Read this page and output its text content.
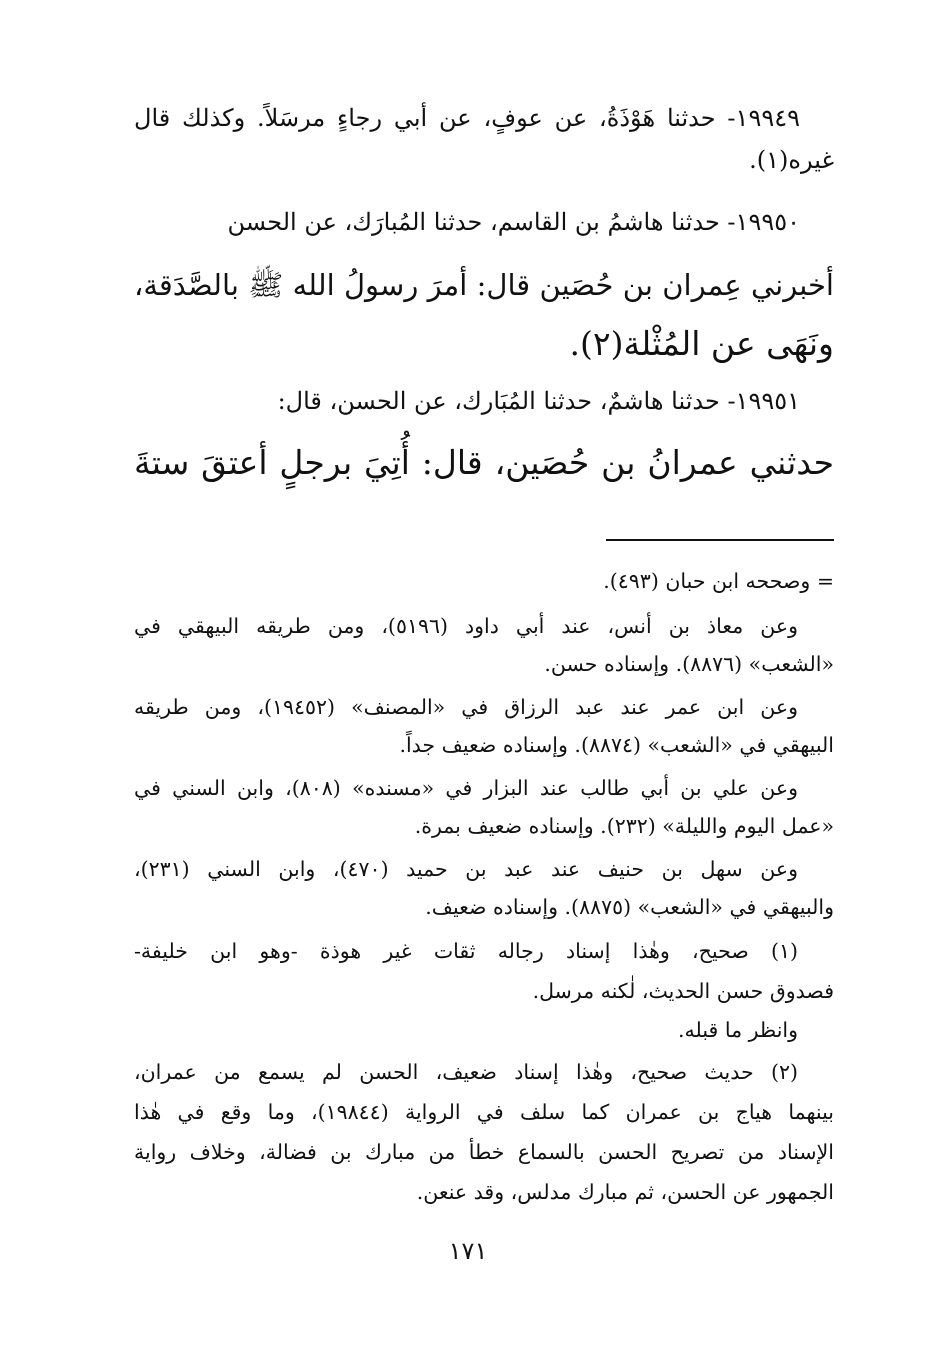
١٩٩٤٩- حدثنا هَوْذَةُ، عن عوفٍ، عن أبي رجاءٍ مرسَلاً. وكذلك قال
غيره(١).
١٩٩٥٠- حدثنا هاشمُ بن القاسم، حدثنا المُبارَك، عن الحسن
أخبرني عِمران بن حُصَين قال: أمرَ رسولُ الله ﷺ بالصَّدَقة،
ونَهَى عن المُثْلة(٢).
١٩٩٥١- حدثنا هاشمٌ، حدثنا المُبَارك، عن الحسن، قال:
حدثني عمرانُ بن حُصَين، قال: أُتِيَ برجلٍ أعتقَ ستةَ
= وصححه ابن حبان (٤٩٣).
وعن معاذ بن أنس، عند أبي داود (٥١٩٦)، ومن طريقه البيهقي في
«الشعب» (٨٨٧٦). وإسناده حسن.
وعن ابن عمر عند عبد الرزاق في «المصنف» (١٩٤٥٢)، ومن طريقه
البيهقي في «الشعب» (٨٨٧٤). وإسناده ضعيف جداً.
وعن علي بن أبي طالب عند البزار في «مسنده» (٨٠٨)، وابن السني في
«عمل اليوم والليلة» (٢٣٢). وإسناده ضعيف بمرة.
وعن سهل بن حنيف عند عبد بن حميد (٤٧٠)، وابن السني (٢٣١)،
والبيهقي في «الشعب» (٨٨٧٥). وإسناده ضعيف.
(١) صحيح، وهٰذا إسناد رجاله ثقات غير هوذة -وهو ابن خليفة-
فصدوق حسن الحديث، لٰكنه مرسل.
وانظر ما قبله.
(٢) حديث صحيح، وهٰذا إسناد ضعيف، الحسن لم يسمع من عمران،
بينهما هياج بن عمران كما سلف في الرواية (١٩٨٤٤)، وما وقع في هٰذا
الإسناد من تصريح الحسن بالسماع خطأ من مبارك بن فضالة، وخلاف رواية
الجمهور عن الحسن، ثم مبارك مدلس، وقد عنعن.
١٧١
